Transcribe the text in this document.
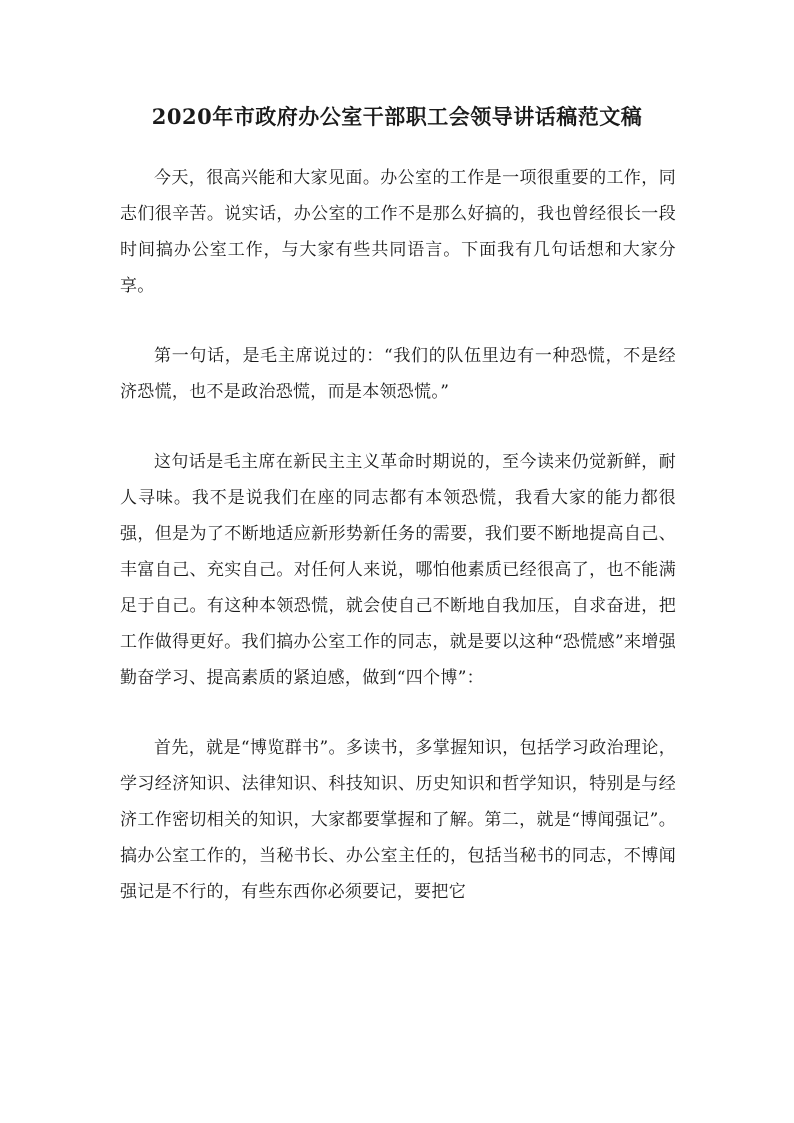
2020年市政府办公室干部职工会领导讲话稿范文稿

今天，很高兴能和大家见面。办公室的工作是一项很重要的工作，同志们很辛苦。说实话，办公室的工作不是那么好搞的，我也曾经很长一段时间搞办公室工作，与大家有些共同语言。下面我有几句话想和大家分享。

第一句话，是毛主席说过的：“我们的队伍里边有一种恐慌，不是经济恐慌，也不是政治恐慌，而是本领恐慌。”

这句话是毛主席在新民主主义革命时期说的，至今读来仍觉新鲜，耐人寻味。我不是说我们在座的同志都有本领恐慌，我看大家的能力都很强，但是为了不断地适应新形势新任务的需要，我们要不断地提高自己、丰富自己、充实自己。对任何人来说，哪怕他素质已经很高了，也不能满足于自己。有这种本领恐慌，就会使自己不断地自我加压，自求奋进，把工作做得更好。我们搞办公室工作的同志，就是要以这种“恐慌感”来增强勤奋学习、提高素质的紧迫感，做到“四个博”：

首先，就是“博览群书”。多读书，多掌握知识，包括学习政治理论，学习经济知识、法律知识、科技知识、历史知识和哲学知识，特别是与经济工作密切相关的知识，大家都要掌握和了解。第二，就是“博闻强记”。搞办公室工作的，当秘书长、办公室主任的，包括当秘书的同志，不博闻强记是不行的，有些东西你必须要记，要把它
